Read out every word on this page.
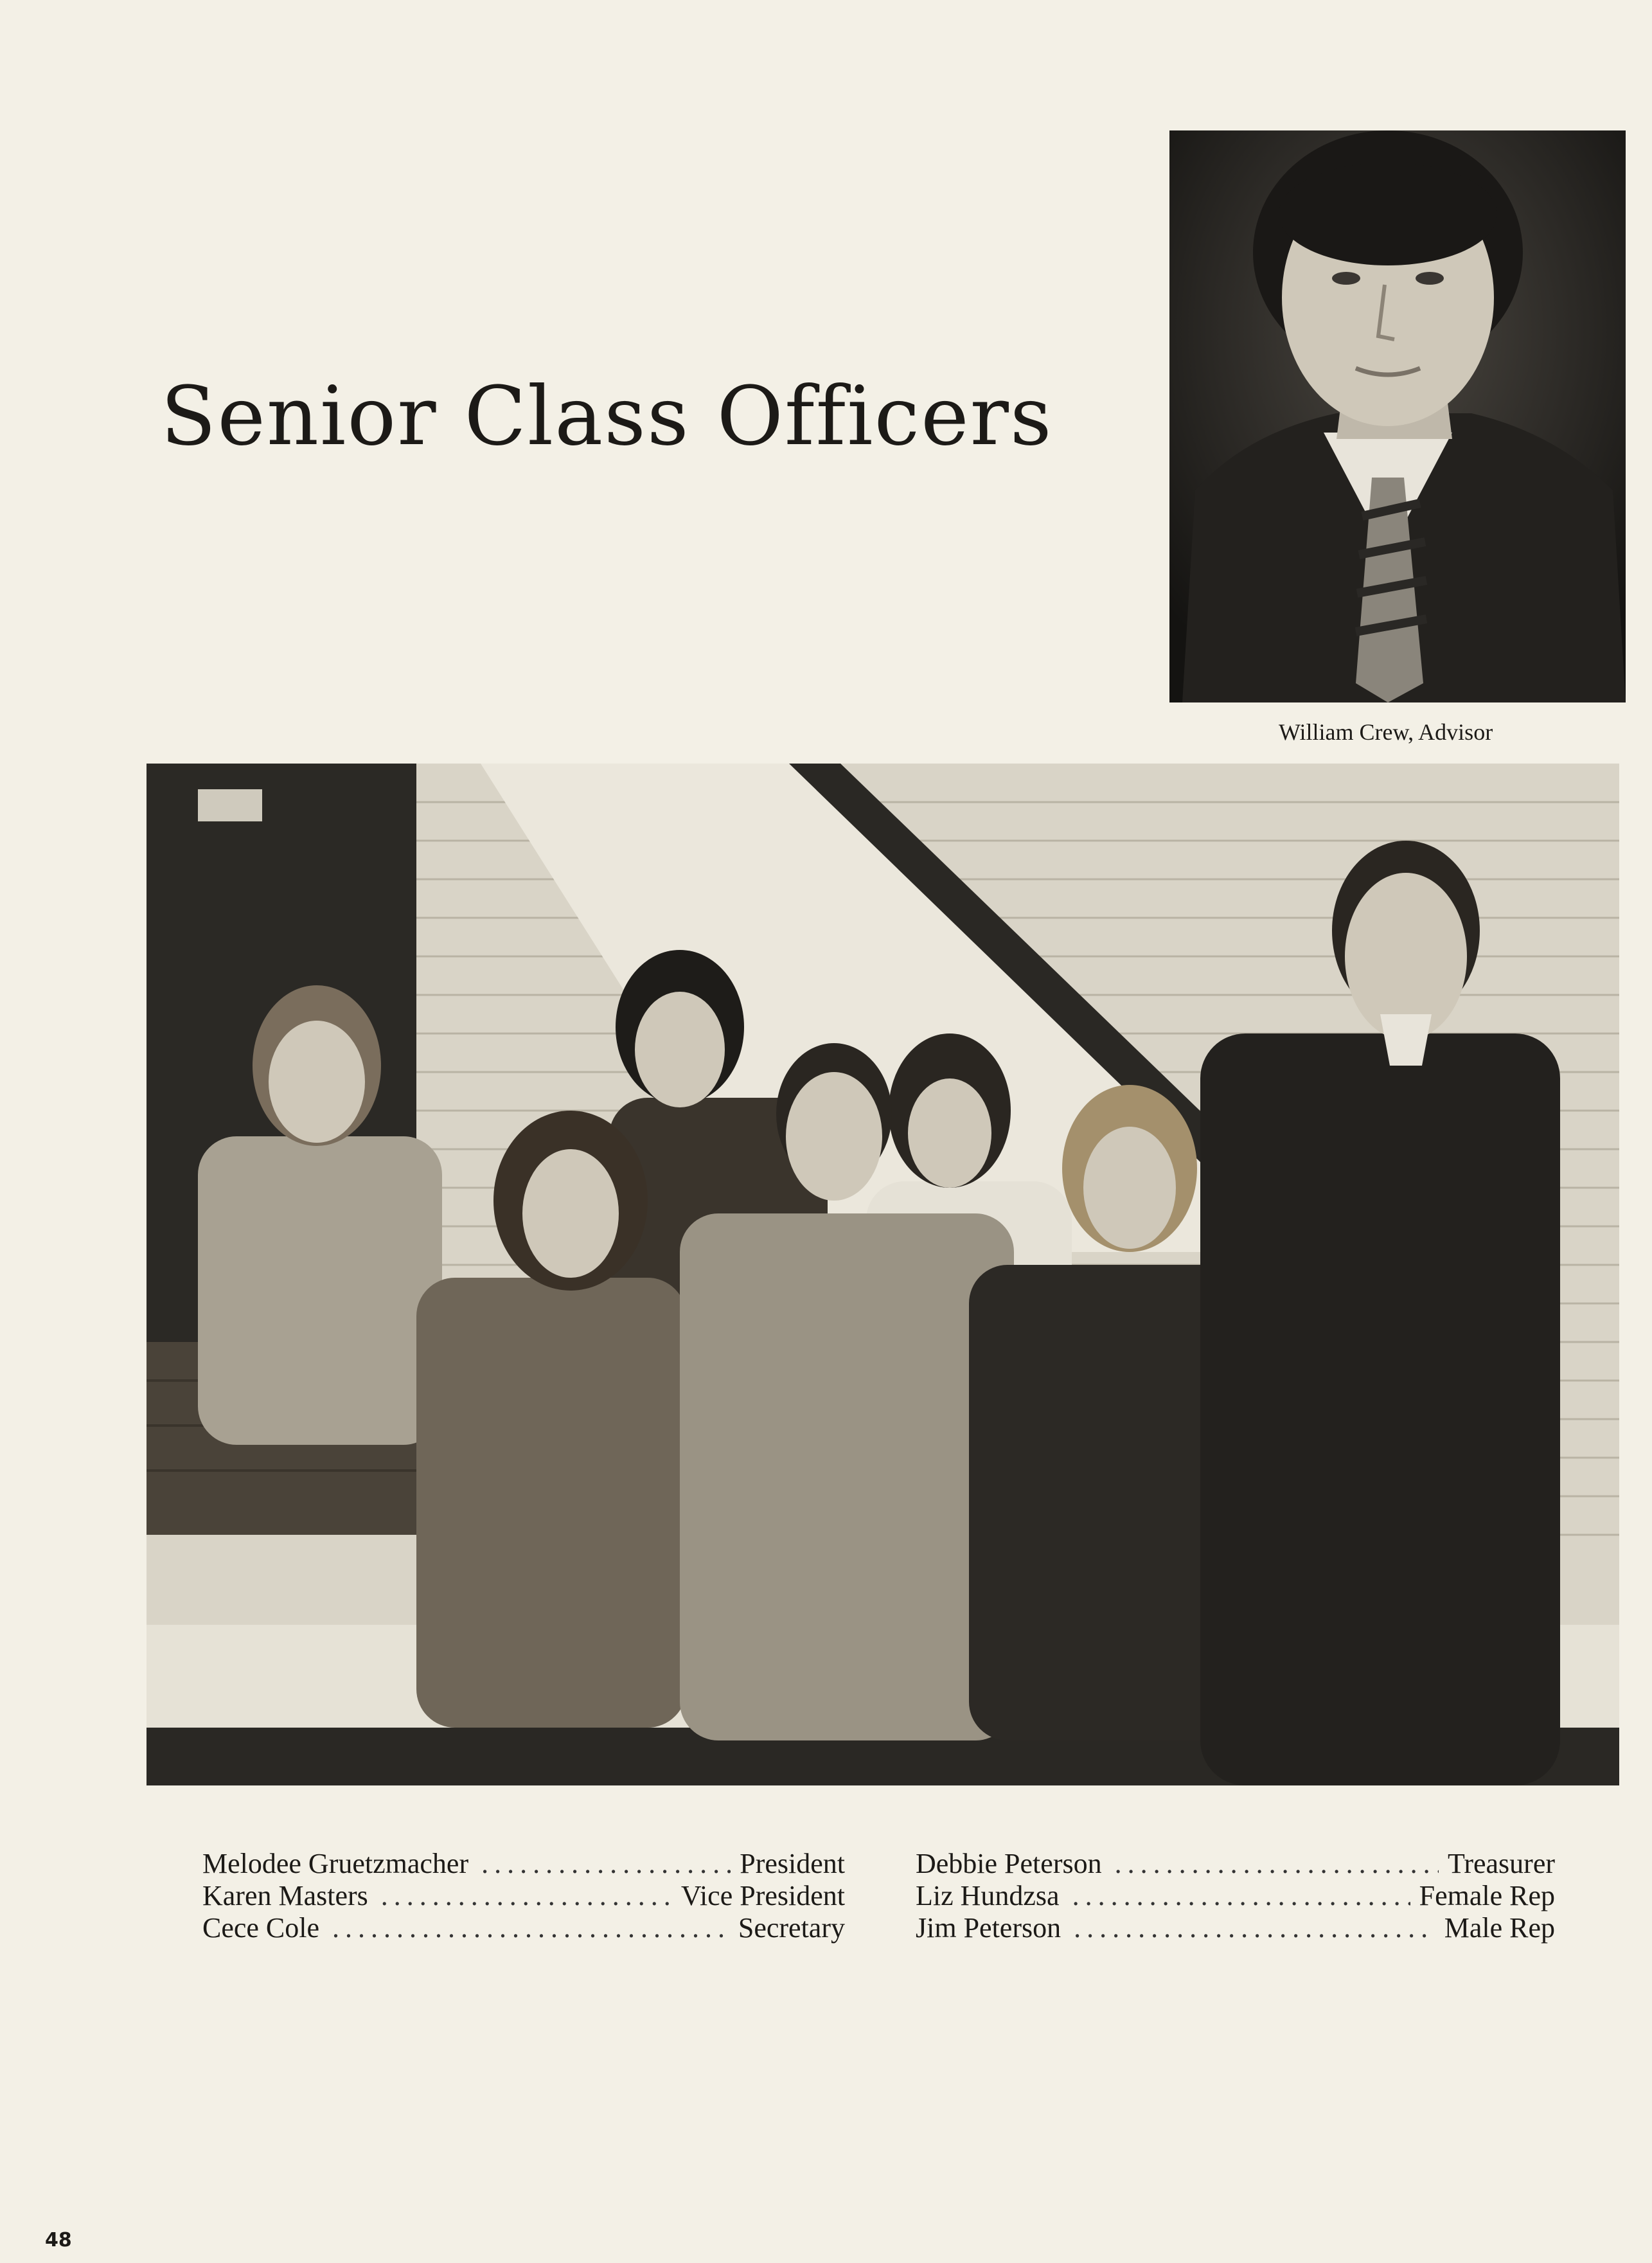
Senior Class Officers
William Crew, Advisor
Melodee Gruetzmacher .....	President
Karen Masters .....	Vice President
Cece Cole .....	Secretary
Debbie Peterson .....	Treasurer
Liz Hundzsa .....	Female Rep
Jim Peterson .....	Male Rep
48
